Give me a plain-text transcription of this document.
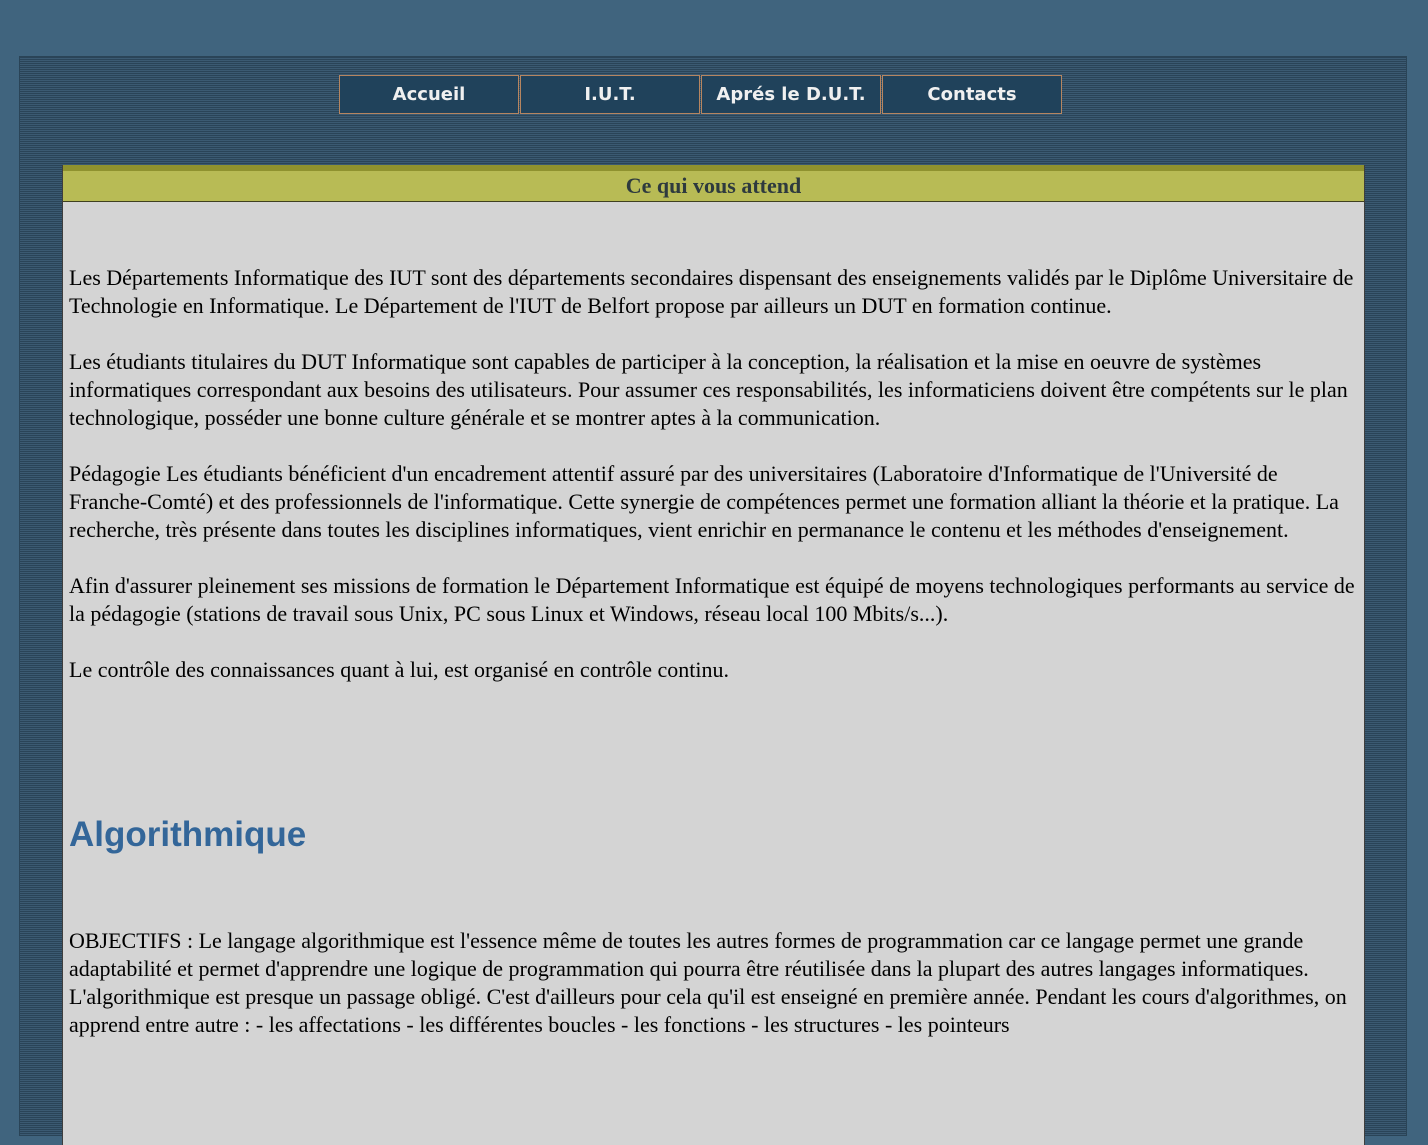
Accueil	I.U.T.	Aprés le D.U.T.	Contacts
Ce qui vous attend

Les Départements Informatique des IUT sont des départements secondaires dispensant des enseignements validés par le Diplôme Universitaire de Technologie en Informatique. Le Département de l'IUT de Belfort propose par ailleurs un DUT en formation continue.

Les étudiants titulaires du DUT Informatique sont capables de participer à la conception, la réalisation et la mise en oeuvre de systèmes informatiques correspondant aux besoins des utilisateurs. Pour assumer ces responsabilités, les informaticiens doivent être compétents sur le plan technologique, posséder une bonne culture générale et se montrer aptes à la communication.

Pédagogie Les étudiants bénéficient d'un encadrement attentif assuré par des universitaires (Laboratoire d'Informatique de l'Université de Franche-Comté) et des professionnels de l'informatique. Cette synergie de compétences permet une formation alliant la théorie et la pratique. La recherche, très présente dans toutes les disciplines informatiques, vient enrichir en permanance le contenu et les méthodes d'enseignement.

Afin d'assurer pleinement ses missions de formation le Département Informatique est équipé de moyens technologiques performants au service de la pédagogie (stations de travail sous Unix, PC sous Linux et Windows, réseau local 100 Mbits/s...).

Le contrôle des connaissances quant à lui, est organisé en contrôle continu.

Algorithmique

OBJECTIFS : Le langage algorithmique est l'essence même de toutes les autres formes de programmation car ce langage permet une grande adaptabilité et permet d'apprendre une logique de programmation qui pourra être réutilisée dans la plupart des autres langages informatiques. L'algorithmique est presque un passage obligé. C'est d'ailleurs pour cela qu'il est enseigné en première année. Pendant les cours d'algorithmes, on apprend entre autre : - les affectations - les différentes boucles - les fonctions - les structures - les pointeurs
